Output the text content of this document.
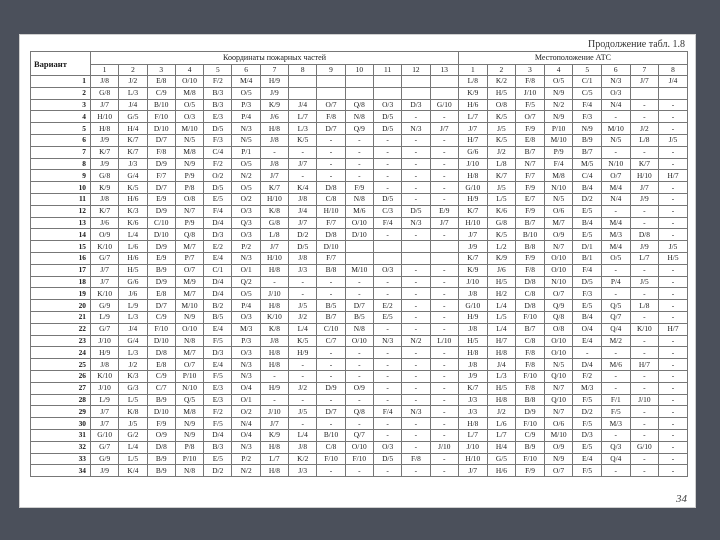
Продолжение табл. 1.8
Вариант	Координаты пожарных частей													Местоположение АТС							
	1	2	3	4	5	6	7	8	9	10	11	12	13	1	2	3	4	5	6	7	8
1	J/8	J/2	E/8	O/10	F/2	M/4	H/9							L/8	K/2	F/8	O/5	C/1	N/3	J/7	J/4
2	G/8	L/3	C/9	M/8	B/3	O/5	J/9							K/9	H/5	J/10	N/9	C/5	O/3		
3	J/7	J/4	B/10	O/5	B/3	P/3	K/9	J/4	O/7	Q/8	O/3	D/3	G/10	H/6	O/8	F/5	N/2	F/4	N/4	-	-
4	H/10	G/5	F/10	O/3	E/3	P/4	J/6	L/7	F/8	N/8	D/5	-	-	L/7	K/5	O/7	N/9	F/3	-	-	-
5	H/8	H/4	D/10	M/10	D/5	N/3	H/8	L/3	D/7	Q/9	D/5	N/3	J/7	J/7	J/5	F/9	P/10	N/9	M/10	J/2	-
6	J/9	K/7	D/7	N/5	F/3	N/5	J/8	K/5	-	-	-	-	-	H/7	K/5	E/8	M/10	B/9	N/5	L/8	J/5
7	K/7	K/7	F/8	M/8	C/4	P/1	-	-	-	-	-	-	-	G/6	J/2	B/7	P/9	B/7	-	-	-
8	J/9	J/3	D/9	N/9	F/2	O/5	J/8	J/7	-	-	-	-	-	J/10	L/8	N/7	F/4	M/5	N/10	K/7	-
9	G/8	G/4	F/7	P/9	O/2	N/2	J/7	-	-	-	-	-	-	H/8	K/7	F/7	M/8	C/4	O/7	H/10	H/7
10	K/9	K/5	D/7	P/8	D/5	O/5	K/7	K/4	D/8	F/9	-	-	-	G/10	J/5	F/9	N/10	B/4	M/4	J/7	-
11	J/8	H/6	E/9	O/8	E/5	O/2	H/10	J/8	C/8	N/8	D/5	-	-	H/9	L/5	E/7	N/5	D/2	N/4	J/9	-
12	K/7	K/3	D/9	N/7	F/4	O/3	K/8	J/4	H/10	M/6	C/3	D/5	E/9	K/7	K/6	F/9	O/6	E/5	-	-	-
13	J/6	K/6	C/10	P/9	D/4	Q/3	G/8	J/7	F/7	O/10	F/4	N/3	J/7	H/10	G/8	B/7	M/7	B/4	M/4	-	-
14	O/9	L/4	D/10	Q/8	D/3	O/3	L/8	D/2	D/8	D/10	-	-	-	J/7	K/5	B/10	O/9	E/5	M/3	D/8	-
15	K/10	L/6	D/9	M/7	E/2	P/2	J/7	D/5	D/10					J/9	L/2	B/8	N/7	D/1	M/4	J/9	J/5
16	G/7	H/6	E/9	P/7	E/4	N/3	H/10	J/8	F/7					K/7	K/9	F/9	O/10	B/1	O/5	L/7	H/5
17	J/7	H/5	B/9	O/7	C/1	O/1	H/8	J/3	B/8	M/10	O/3	-	-	K/9	J/6	F/8	O/10	F/4	-	-	-
18	J/7	G/6	D/9	M/9	D/4	Q/2	-	-	-	-	-	-	-	J/10	H/5	D/8	N/10	D/5	P/4	J/5	-
19	K/10	J/6	E/8	M/7	D/4	O/5	J/10	-	-	-	-	-	-	J/8	H/2	C/8	O/7	F/3	-	-	-
20	G/9	L/9	D/7	M/10	B/2	P/4	H/8	J/5	B/5	D/7	E/2	-	-	G/10	L/4	D/8	Q/9	E/5	Q/5	L/8	-
21	L/9	L/3	C/9	N/9	B/5	O/3	K/10	J/2	B/7	B/5	E/5	-	-	H/9	L/5	F/10	Q/8	B/4	Q/7	-	-
22	G/7	J/4	F/10	O/10	E/4	M/3	K/8	L/4	C/10	N/8	-	-	-	J/8	L/4	B/7	O/8	O/4	Q/4	K/10	H/7
23	J/10	G/4	D/10	N/8	F/5	P/3	J/8	K/5	C/7	O/10	N/3	N/2	L/10	H/5	H/7	C/8	O/10	E/4	M/2	-	-
24	H/9	L/3	D/8	M/7	D/3	O/3	H/8	H/9	-	-	-	-	-	H/8	H/8	F/8	O/10	-	-	-	-
25	J/8	J/2	E/8	O/7	E/4	N/3	H/8	-	-	-	-	-	-	J/8	J/4	F/8	N/5	D/4	M/6	H/7	-
26	K/10	K/3	C/9	P/10	F/5	N/3	-	-	-	-	-	-	-	J/9	L/3	F/10	Q/10	F/2	-	-	-
27	J/10	G/3	C/7	N/10	E/3	O/4	H/9	J/2	D/9	O/9	-	-	-	K/7	H/5	F/8	N/7	M/3	-	-	-
28	L/9	L/5	B/9	Q/5	E/3	O/1	-	-	-	-	-	-	-	J/3	H/8	B/8	Q/10	F/5	F/1	J/10	-
29	J/7	K/8	D/10	M/8	F/2	O/2	J/10	J/5	D/7	Q/8	F/4	N/3	-	J/3	J/2	D/9	N/7	D/2	F/5	-	-
30	J/7	J/5	F/9	N/9	F/5	N/4	J/7	-	-	-	-	-	-	H/8	L/6	F/10	O/6	F/5	M/3	-	-
31	G/10	G/2	O/9	N/9	D/4	O/4	K/9	L/4	B/10	Q/7	-	-	-	L/7	L/7	C/9	M/10	D/3	-	-	-
32	G/7	L/4	D/8	P/8	B/3	N/3	H/8	J/8	C/8	O/10	O/3	-	J/10	J/10	H/4	B/9	O/9	E/5	Q/3	G/10	-
33	G/9	L/5	B/9	P/10	E/5	P/2	L/7	K/2	F/10	F/10	D/5	F/8	-	H/10	G/5	F/10	N/9	E/4	Q/4	-	-
34	J/9	K/4	B/9	N/8	D/2	N/2	H/8	J/3	-	-	-	-	-	J/7	H/6	F/9	O/7	F/5	-	-	-
34
